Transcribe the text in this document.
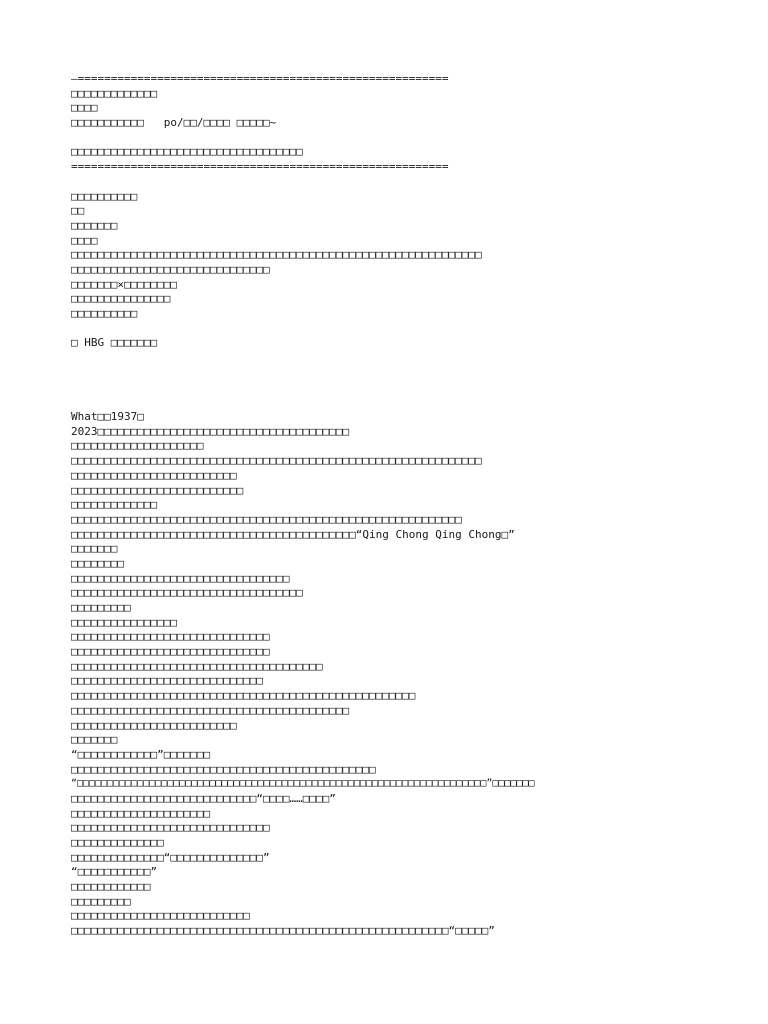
—========================================================
□□□□□□□□□□□□□
□□□□
□□□□□□□□□□□   po/□□/□□□□ □□□□□~
□□□□□□□□□□□□□□□□□□□□□□□□□□□□□□□□□□□
=========================================================
□□□□□□□□□□
□□
□□□□□□□
□□□□
□□□□□□□□□□□□□□□□□□□□□□□□□□□□□□□□□□□□□□□□□□□□□□□□□□□□□□□□□□□□□□
□□□□□□□□□□□□□□□□□□□□□□□□□□□□□□
□□□□□□□×□□□□□□□□
□□□□□□□□□□□□□□□
□□□□□□□□□□
□ HBG □□□□□□□
What□□1937□
2023□□□□□□□□□□□□□□□□□□□□□□□□□□□□□□□□□□□□□□
□□□□□□□□□□□□□□□□□□□□
□□□□□□□□□□□□□□□□□□□□□□□□□□□□□□□□□□□□□□□□□□□□□□□□□□□□□□□□□□□□□□
□□□□□□□□□□□□□□□□□□□□□□□□□
□□□□□□□□□□□□□□□□□□□□□□□□□□
□□□□□□□□□□□□□
□□□□□□□□□□□□□□□□□□□□□□□□□□□□□□□□□□□□□□□□□□□□□□□□□□□□□□□□□□□
□□□□□□□□□□□□□□□□□□□□□□□□□□□□□□□□□□□□□□□□□□□“Qing Chong Qing Chong□”
□□□□□□□
□□□□□□□□
□□□□□□□□□□□□□□□□□□□□□□□□□□□□□□□□□
□□□□□□□□□□□□□□□□□□□□□□□□□□□□□□□□□□□
□□□□□□□□□
□□□□□□□□□□□□□□□□
□□□□□□□□□□□□□□□□□□□□□□□□□□□□□□
□□□□□□□□□□□□□□□□□□□□□□□□□□□□□□
□□□□□□□□□□□□□□□□□□□□□□□□□□□□□□□□□□□□□□
□□□□□□□□□□□□□□□□□□□□□□□□□□□□□
□□□□□□□□□□□□□□□□□□□□□□□□□□□□□□□□□□□□□□□□□□□□□□□□□□□□
□□□□□□□□□□□□□□□□□□□□□□□□□□□□□□□□□□□□□□□□□□
□□□□□□□□□□□□□□□□□□□□□□□□□
□□□□□□□
“□□□□□□□□□□□□”□□□□□□□
□□□□□□□□□□□□□□□□□□□□□□□□□□□□□□□□□□□□□□□□□□□□□□
“□□□□□□□□□□□□□□□□□□□□□□□□□□□□□□□□□□□□□□□□□□□□□□□□□□□□□□□□□□□□□□□□□□□□”□□□□□□□
□□□□□□□□□□□□□□□□□□□□□□□□□□□□“□□□□……□□□□”
□□□□□□□□□□□□□□□□□□□□□
□□□□□□□□□□□□□□□□□□□□□□□□□□□□□□
□□□□□□□□□□□□□□
□□□□□□□□□□□□□□“□□□□□□□□□□□□□□”
“□□□□□□□□□□□”
□□□□□□□□□□□□
□□□□□□□□□
□□□□□□□□□□□□□□□□□□□□□□□□□□□
□□□□□□□□□□□□□□□□□□□□□□□□□□□□□□□□□□□□□□□□□□□□□□□□□□□□□□□□□“□□□□□”
